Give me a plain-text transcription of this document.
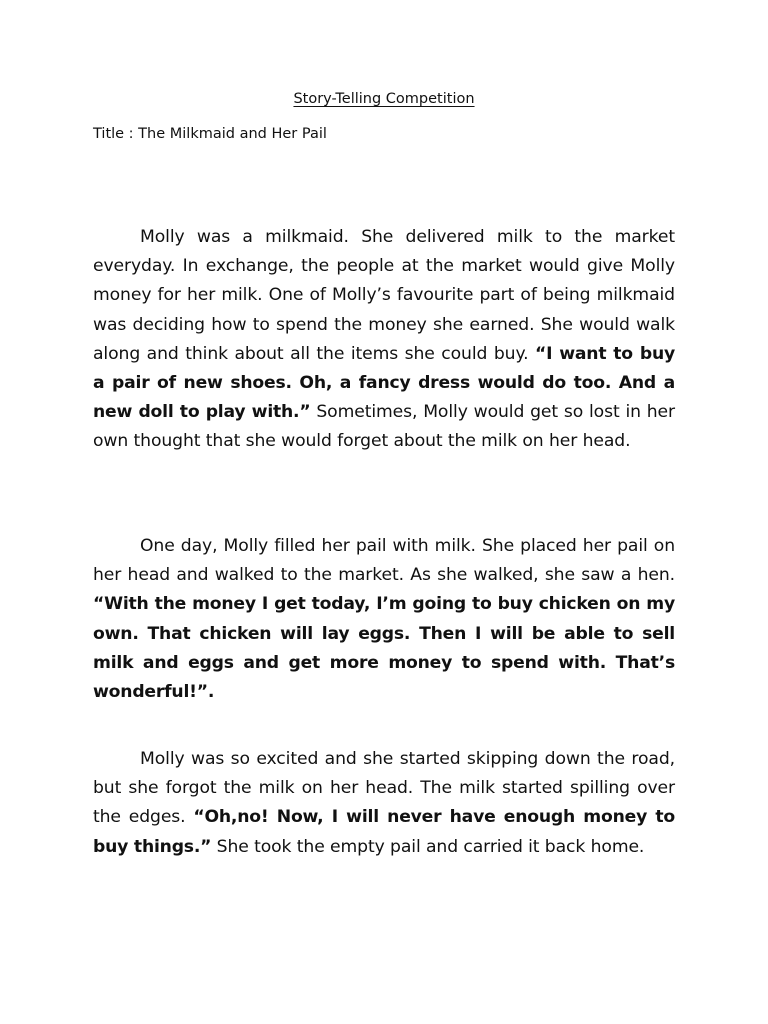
Story-Telling Competition

Title : The Milkmaid and Her Pail

Molly was a milkmaid. She delivered milk to the market everyday. In exchange, the people at the market would give Molly money for her milk. One of Molly’s favourite part of being milkmaid was deciding how to spend the money she earned. She would walk along and think about all the items she could buy. “I want to buy a pair of new shoes. Oh, a fancy dress would do too. And a new doll to play with.” Sometimes, Molly would get so lost in her own thought that she would forget about the milk on her head.

One day, Molly filled her pail with milk. She placed her pail on her head and walked to the market. As she walked, she saw a hen. “With the money I get today, I’m going to buy chicken on my own. That chicken will lay eggs. Then I will be able to sell milk and eggs and get more money to spend with. That’s wonderful!”.

Molly was so excited and she started skipping down the road, but she forgot the milk on her head. The milk started spilling over the edges. “Oh,no! Now, I will never have enough money to buy things.” She took the empty pail and carried it back home.
